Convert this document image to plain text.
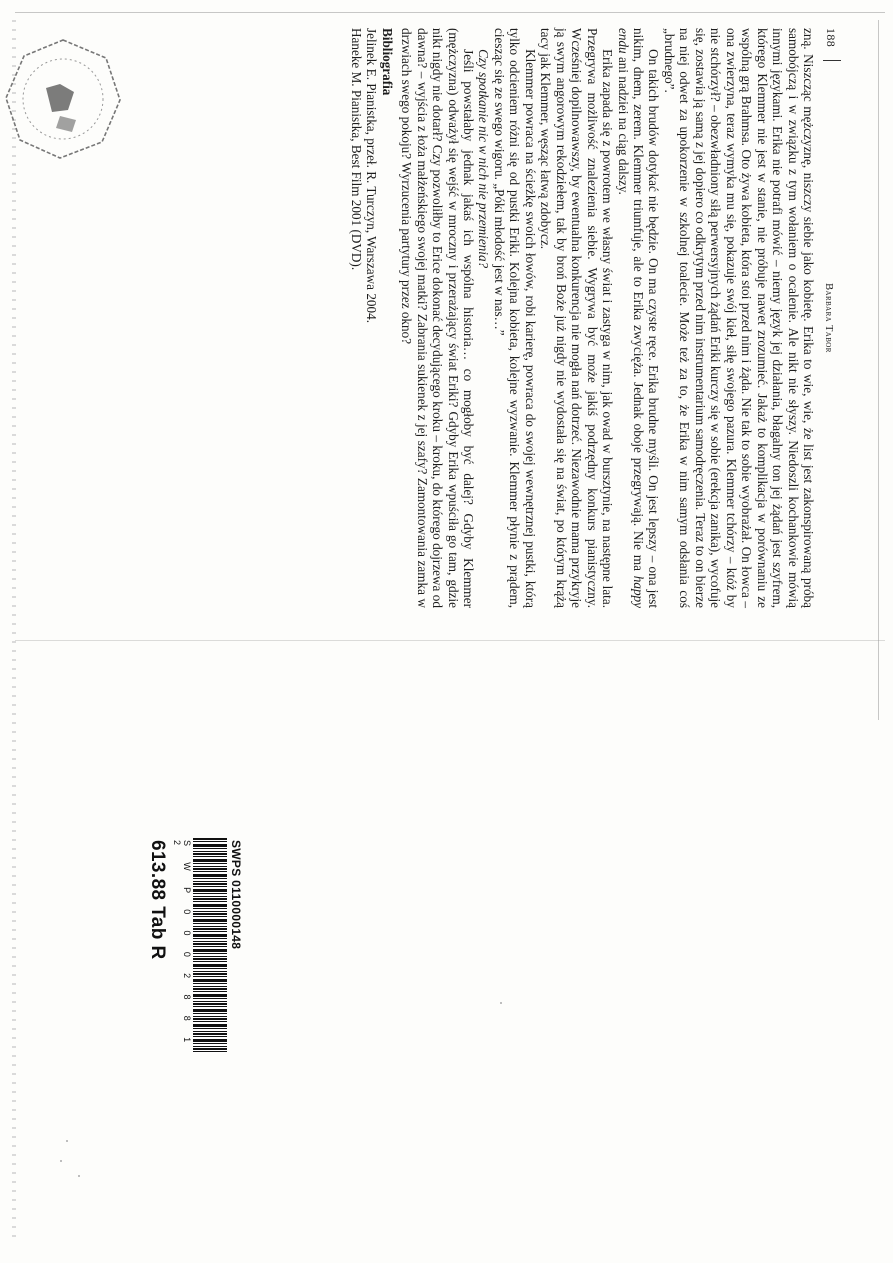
188
Barbara Tabor

zną. Niszcząc mężczyznę, niszczy siebie jako kobietę. Erika to wie, wie, że list jest zakonspirowaną próbą samobójczą i w związku z tym wołaniem o ocalenie. Ale nikt nie słyszy. Niedoszli kochankowie mówią innymi językami. Erika nie potrafi mówić – niemy język jej działania, błagalny ton jej żądań jest szyfrem, którego Klemmer nie jest w stanie, nie próbuje nawet zrozumieć. Jakaż to komplikacja w porównaniu ze wspólną grą Brahmsa. Oto żywa kobieta, która stoi przed nim i żąda. Nie tak to sobie wyobrażał. On łowca – ona zwierzyna, teraz wymyka mu się, pokazuje swój kieł, siłę swojego pazura. Klemmer tchórzy – któż by nie stchórzył? – obezwładniony siłą perwersyjnych żądań Eriki kurczy się w sobie (erekcja zanika), wycofuje się, zostawia ją samą z jej dopiero co odkrytym przed nim instrumentarium samodręczenia. Teraz to on bierze na niej odwet za upokorzenie w szkolnej toalecie. Może też za to, że Erika w nim samym odsłania coś „brudnego”.

On takich brudów dotykać nie będzie. On ma czyste ręce. Erika brudne myśli. On jest lepszy – ona jest nikim, dnem, zerem. Klemmer triumfuje, ale to Erika zwycięża. Jednak oboje przegrywają. Nie ma happy endu ani nadziei na ciąg dalszy.

Erika zapada się z powrotem we własny świat i zastyga w nim, jak owad w bursztynie, na następne lata. Przegrywa możliwość znalezienia siebie. Wygrywa być może jakiś podrzędny konkurs pianistyczny. Wcześniej dopilnowawszy, by ewentualna konkurencja nie mogła nań dotrzeć. Niezawodnie mama przykryje ją swym angorowym rekodziełem, tak by broń Boże już nigdy nie wydostała się na świat, po którym krążą tacy jak Klemmer, węsząc łatwą zdobycz.

Klemmer powraca na ścieżkę swoich łowów, robi karierę, powraca do swojej wewnętrznej pustki, którą tylko odcieniem różni się od pustki Eriki. Kolejna kobieta, kolejne wyzwanie. Klemmer płynie z prądem, ciesząc się ze swego wigoru. „Póki młodość jest w nas…”

Czy spotkanie nic w nich nie przemienia?

Jeśli powstałaby jednak jakaś ich wspólna historia… co mogłoby być dalej? Gdyby Klemmer (mężczyzna) odważył się wejść w mroczny i przerażający świat Eriki? Gdyby Erika wpuściła go tam, gdzie nikt nigdy nie dotarł? Czy pozwoliłby to Erice dokonać decydującego kroku – kroku, do którego dojrzewa od dawna? – wyjścia z łoża małżeńskiego swojej matki? Zabrania sukienek z jej szafy? Zamontowania zamka w drzwiach swego pokoju? Wyrzucenia partytury przez okno?

Bibliografia

Jelinek E. Pianistka, przeł. R. Turczyn, Warszawa 2004.

Haneke M. Pianistka, Best Film 2001 (DVD).

SWPS 0110000148

S W P 0 0 0 2 8 8 1 2

613.88 Tab R
